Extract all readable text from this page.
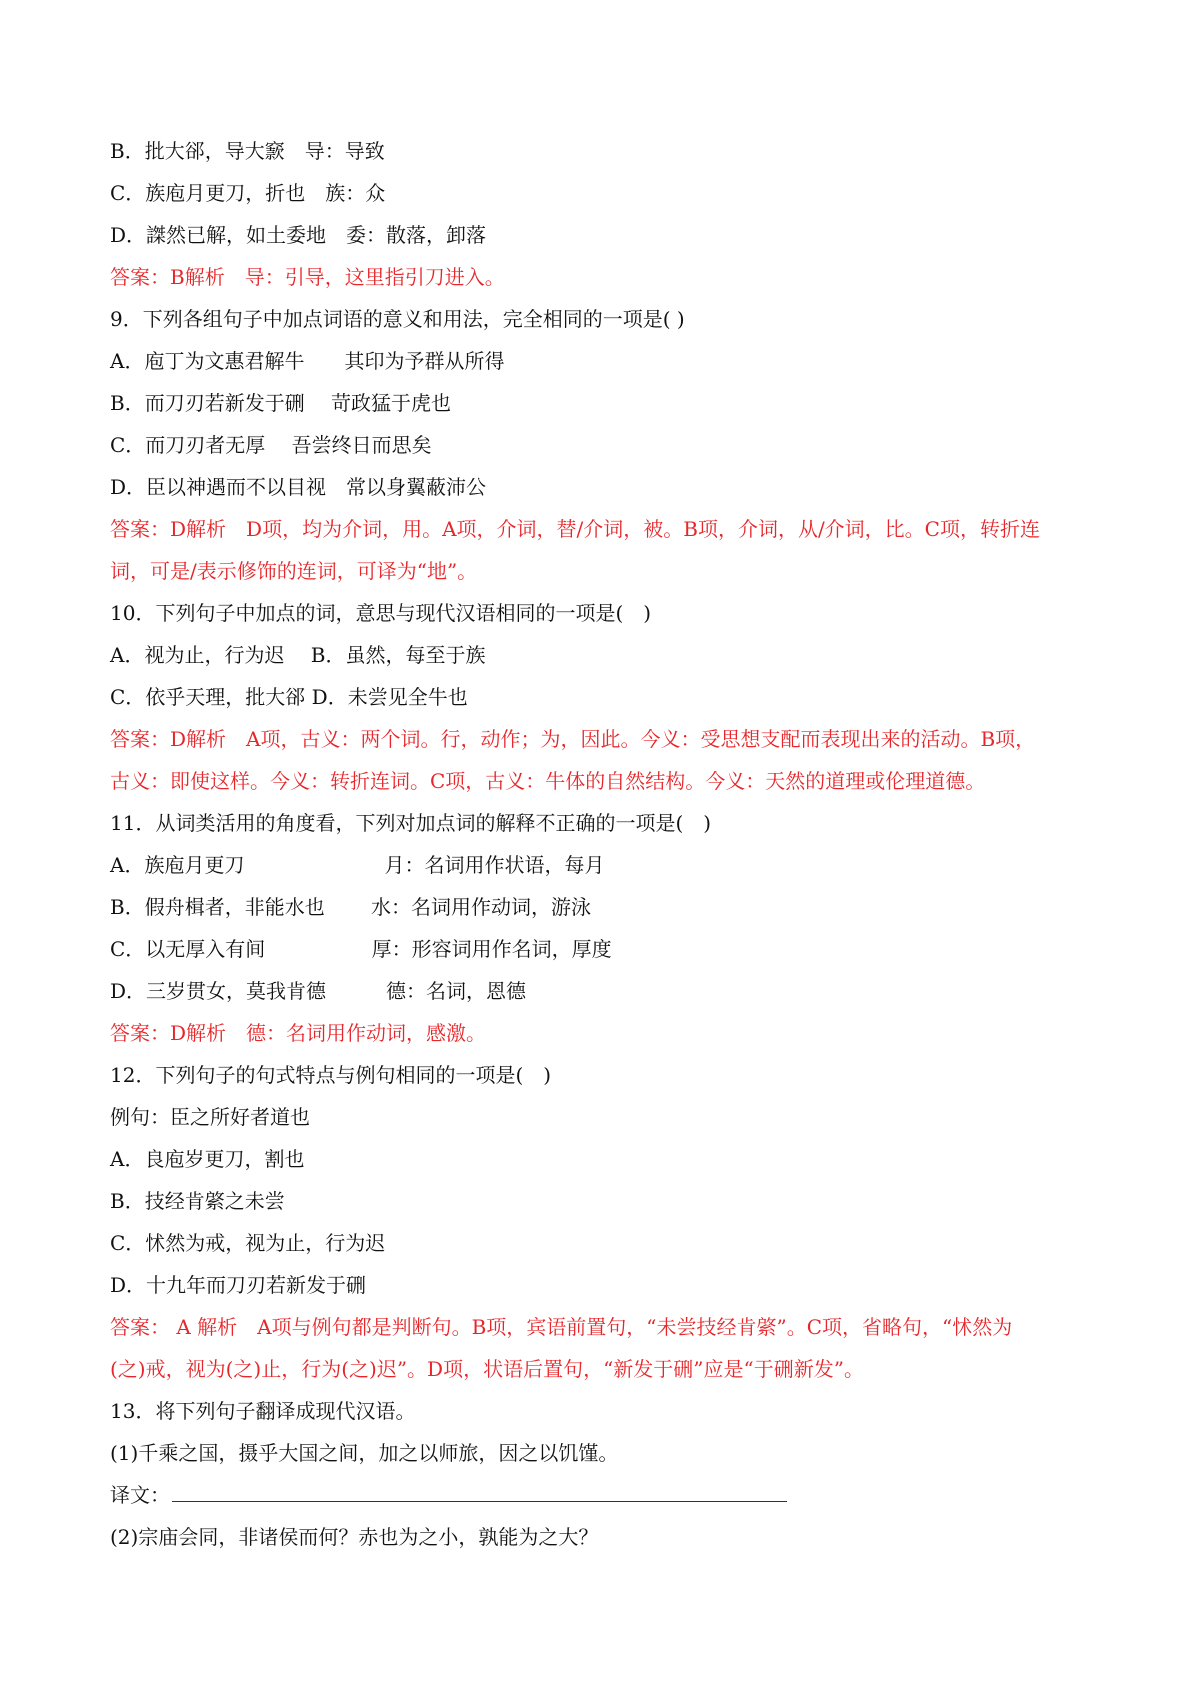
B．批大郤，导大窾　导：导致

C．族庖月更刀，折也　族：众

D．謋然已解，如土委地　委：散落，卸落

答案：B解析　导：引导，这里指引刀进入。

9．下列各组句子中加点词语的意义和用法，完全相同的一项是( )

A．庖丁为文惠君解牛　　其印为予群从所得

B．而刀刃若新发于硎　 苛政猛于虎也

C．而刀刃者无厚　 吾尝终日而思矣

D．臣以神遇而不以目视　常以身翼蔽沛公

答案：D解析　D项，均为介词，用。A项，介词，替/介词，被。B项，介词，从/介词，比。C项，转折连

词，可是/表示修饰的连词，可译为“地”。

10．下列句子中加点的词，意思与现代汉语相同的一项是(　)

A．视为止，行为迟　 B．虽然，每至于族

C．依乎天理，批大郤 D．未尝见全牛也

答案：D解析　A项，古义：两个词。行，动作；为，因此。今义：受思想支配而表现出来的活动。B项，

古义：即使这样。今义：转折连词。C项，古义：牛体的自然结构。今义：天然的道理或伦理道德。

11．从词类活用的角度看，下列对加点词的解释不正确的一项是(　)

A．族庖月更刀　　　　　　　月：名词用作状语，每月

B．假舟楫者，非能水也　　 水：名词用作动词，游泳

C．以无厚入有间　　　　　 厚：形容词用作名词，厚度

D．三岁贯女，莫我肯德　　　德：名词，恩德

答案：D解析　德：名词用作动词，感激。

12．下列句子的句式特点与例句相同的一项是(　)

例句：臣之所好者道也

A．良庖岁更刀，割也

B．技经肯綮之未尝

C．怵然为戒，视为止，行为迟

D．十九年而刀刃若新发于硎

答案： A 解析　A项与例句都是判断句。B项，宾语前置句，“未尝技经肯綮”。C项，省略句，“怵然为

(之)戒，视为(之)止，行为(之)迟”。D项，状语后置句，“新发于硎”应是“于硎新发”。

13．将下列句子翻译成现代汉语。

(1)千乘之国，摄乎大国之间，加之以师旅，因之以饥馑。

译文：

(2)宗庙会同，非诸侯而何？赤也为之小，孰能为之大？
